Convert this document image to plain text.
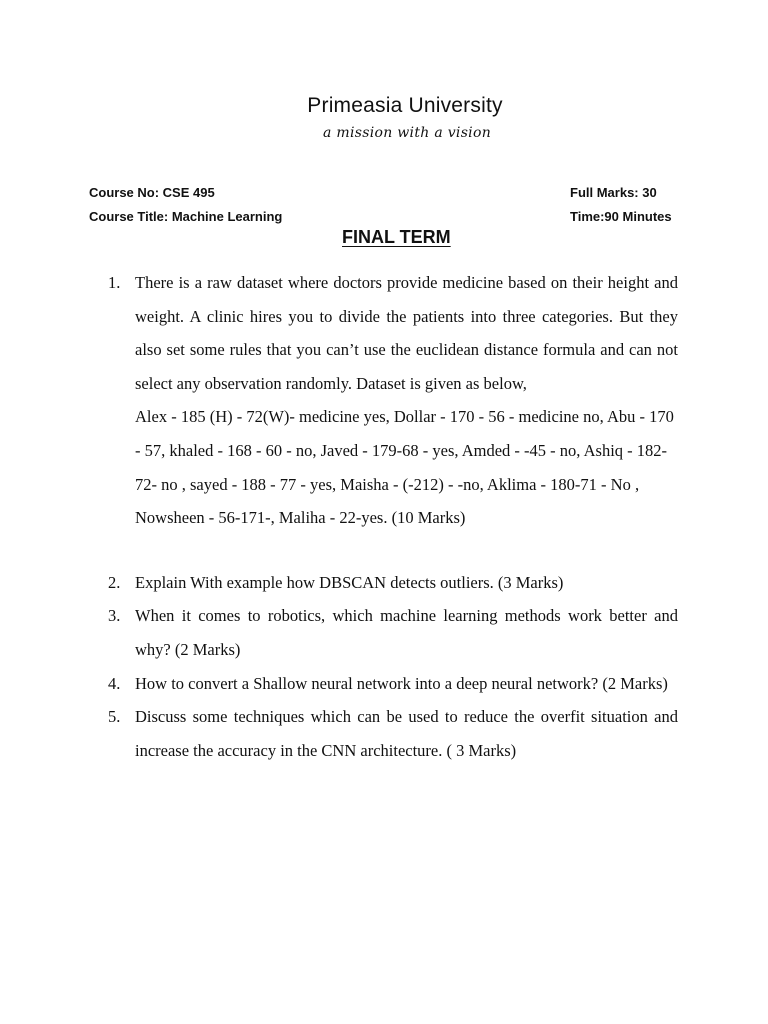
Primeasia University
a mission with a vision
Course No: CSE 495
Course Title: Machine Learning
Full Marks: 30
Time:90 Minutes
FINAL TERM
1. There is a raw dataset where doctors provide medicine based on their height and weight. A clinic hires you to divide the patients into three categories. But they also set some rules that you can’t use the euclidean distance formula and can not select any observation randomly. Dataset is given as below,
Alex - 185 (H) - 72(W)- medicine yes, Dollar - 170 - 56 - medicine no, Abu - 170 - 57, khaled - 168 - 60 - no, Javed - 179-68 - yes, Amded - -45 - no, Ashiq - 182-72- no , sayed - 188 - 77 - yes, Maisha - (-212) - -no, Aklima - 180-71 - No , Nowsheen - 56-171-, Maliha - 22-yes. (10 Marks)
2. Explain With example how DBSCAN detects outliers. (3 Marks)
3. When it comes to robotics, which machine learning methods work better and why? (2 Marks)
4. How to convert a Shallow neural network into a deep neural network? (2 Marks)
5. Discuss some techniques which can be used to reduce the overfit situation and increase the accuracy in the CNN architecture. ( 3 Marks)
